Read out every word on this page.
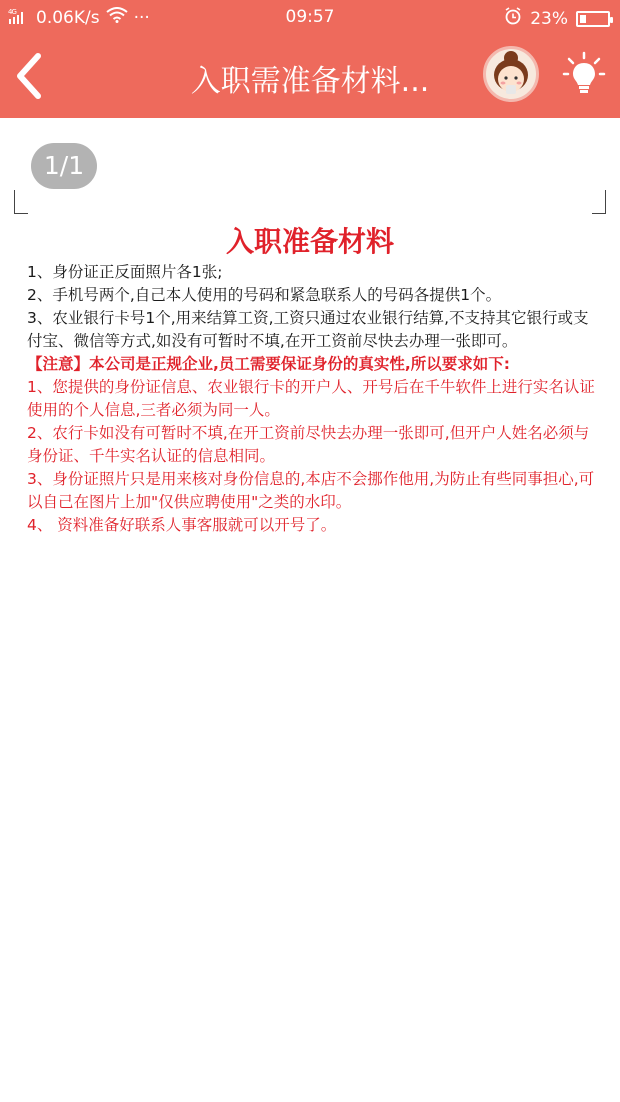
4G 0.06K/s ···	09:57	23%
入职需准备材料...
1/1
入职准备材料

1、身份证正反面照片各1张;

2、手机号两个,自己本人使用的号码和紧急联系人的号码各提供1个。

3、农业银行卡号1个,用来结算工资,工资只通过农业银行结算,不支持其它银行或支付宝、微信等方式,如没有可暂时不填,在开工资前尽快去办理一张即可。

【注意】本公司是正规企业,员工需要保证身份的真实性,所以要求如下:

1、您提供的身份证信息、农业银行卡的开户人、开号后在千牛软件上进行实名认证使用的个人信息,三者必须为同一人。

2、农行卡如没有可暂时不填,在开工资前尽快去办理一张即可,但开户人姓名必须与身份证、千牛实名认证的信息相同。

3、身份证照片只是用来核对身份信息的,本店不会挪作他用,为防止有些同事担心,可以自己在图片上加"仅供应聘使用"之类的水印。

4、 资料准备好联系人事客服就可以开号了。
